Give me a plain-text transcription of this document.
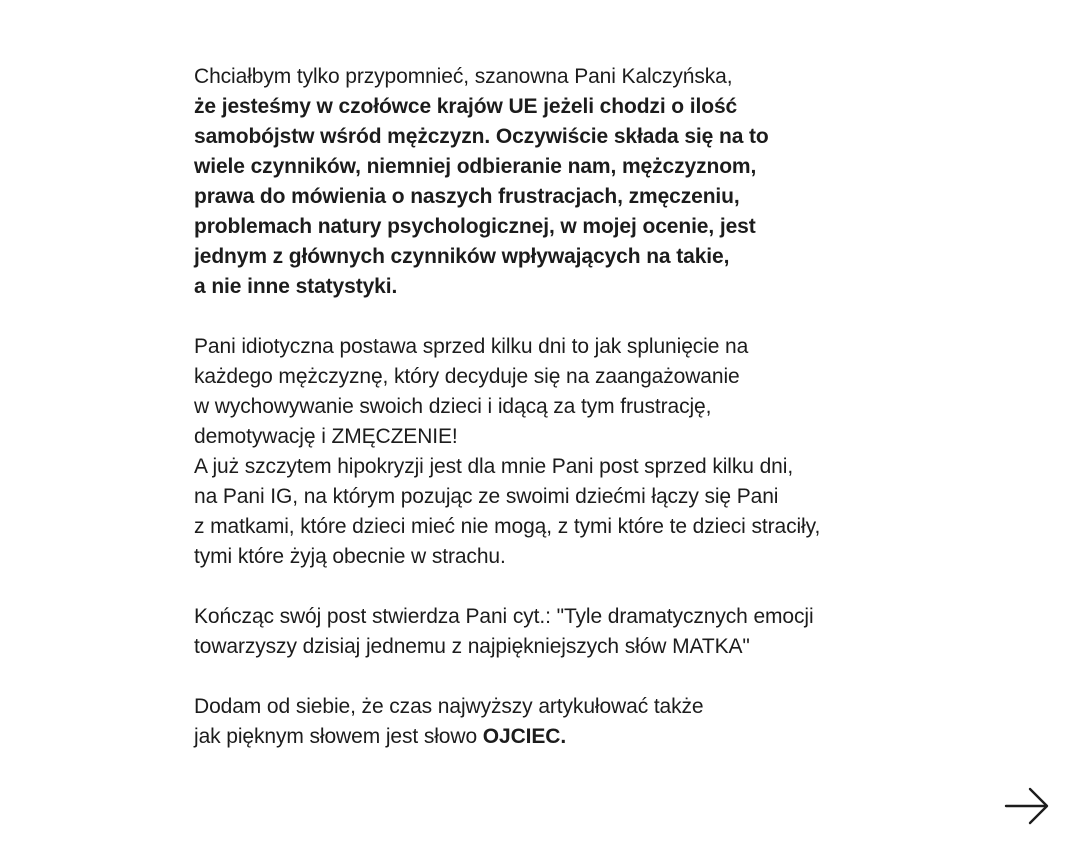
Chciałbym tylko przypomnieć, szanowna Pani Kalczyńska,
że jesteśmy w czołówce krajów UE jeżeli chodzi o ilość
samobójstw wśród mężczyzn. Oczywiście składa się na to
wiele czynników, niemniej odbieranie nam, mężczyznom,
prawa do mówienia o naszych frustracjach, zmęczeniu,
problemach natury psychologicznej, w mojej ocenie, jest
jednym z głównych czynników wpływających na takie,
a nie inne statystyki.
Pani idiotyczna postawa sprzed kilku dni to jak splunięcie na
każdego mężczyznę, który decyduje się na zaangażowanie
w wychowywanie swoich dzieci i idącą za tym frustrację,
demotywację i ZMĘCZENIE!
A już szczytem hipokryzji jest dla mnie Pani post sprzed kilku dni,
na Pani IG, na którym pozując ze swoimi dziećmi łączy się Pani
z matkami, które dzieci mieć nie mogą, z tymi które te dzieci straciły,
tymi które żyją obecnie w strachu.
Kończąc swój post stwierdza Pani cyt.: "Tyle dramatycznych emocji
towarzyszy dzisiaj jednemu z najpiękniejszych słów MATKA"
Dodam od siebie, że czas najwyższy artykułować także
jak pięknym słowem jest słowo OJCIEC.
